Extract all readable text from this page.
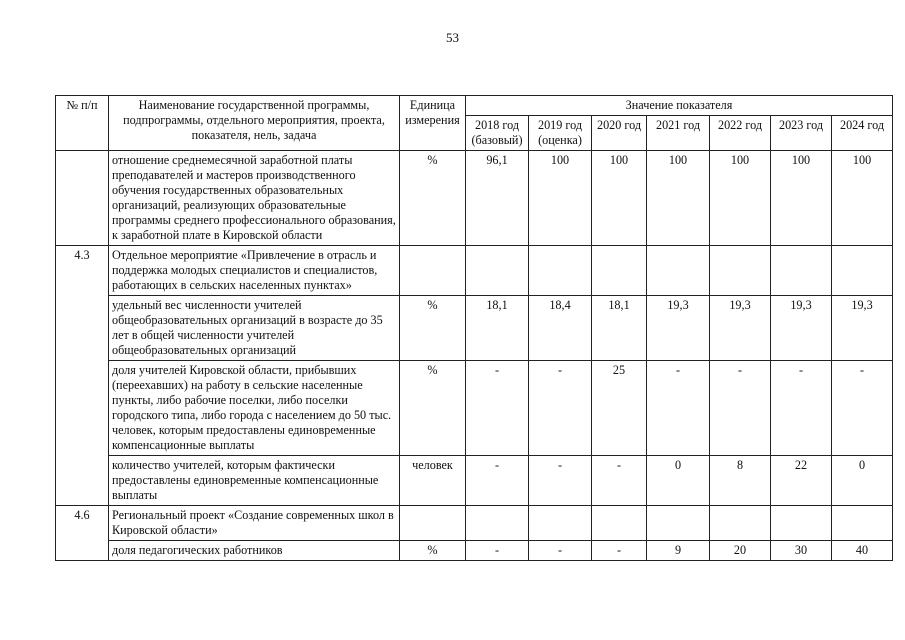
53
№ п/п	Наименование государственной программы, подпрограммы, отдельного мероприятия, проекта, показателя, нель, задача	Единица измерения	Значение показателя						
			2018 год (базовый)	2019 год (оценка)	2020 год	2021 год	2022 год	2023 год	2024 год
	отношение среднемесячной заработной платы преподавателей и мастеров производственного обучения государственных образовательных организаций, реализующих образовательные программы среднего профессионального образования, к заработной плате в Кировской области	%	96,1	100	100	100	100	100	100
4.3	Отдельное мероприятие «Привлечение в отрасль и поддержка молодых специалистов и специалистов, работающих в сельских населенных пунктах»								
	удельный вес численности учителей общеобразовательных организаций в возрасте до 35 лет в общей численности учителей общеобразовательных организаций	%	18,1	18,4	18,1	19,3	19,3	19,3	19,3
	доля учителей Кировской области, прибывших (переехавших) на работу в сельские населенные пункты, либо рабочие поселки, либо поселки городского типа, либо города с населением до 50 тыс. человек, которым предоставлены единовременные компенсационные выплаты	%	-	-	25	-	-	-	-
	количество учителей, которым фактически предоставлены единовременные компенсационные выплаты	человек	-	-	-	0	8	22	0
4.6	Региональный проект «Создание современных школ в Кировской области»								
	доля педагогических работников	%	-	-	-	9	20	30	40
